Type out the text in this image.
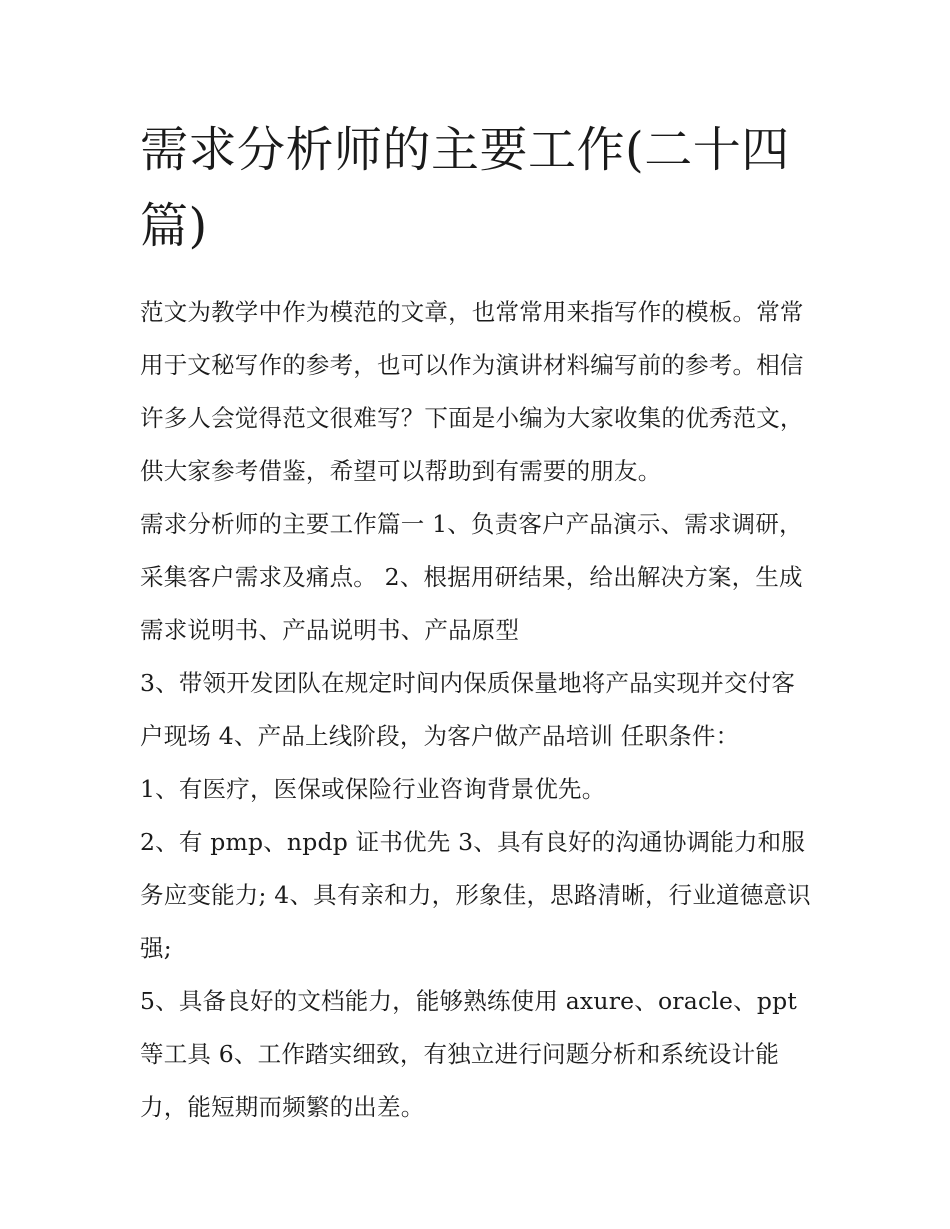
需求分析师的主要工作(二十四篇)

范文为教学中作为模范的文章，也常常用来指写作的模板。常常用于文秘写作的参考，也可以作为演讲材料编写前的参考。相信许多人会觉得范文很难写？下面是小编为大家收集的优秀范文，供大家参考借鉴，希望可以帮助到有需要的朋友。

需求分析师的主要工作篇一 1、负责客户产品演示、需求调研，采集客户需求及痛点。 2、根据用研结果，给出解决方案，生成需求说明书、产品说明书、产品原型

3、带领开发团队在规定时间内保质保量地将产品实现并交付客户现场 4、产品上线阶段，为客户做产品培训 任职条件：

1、有医疗，医保或保险行业咨询背景优先。

2、有 pmp、npdp 证书优先 3、具有良好的沟通协调能力和服务应变能力; 4、具有亲和力，形象佳，思路清晰，行业道德意识强;

5、具备良好的文档能力，能够熟练使用 axure、oracle、ppt 等工具 6、工作踏实细致，有独立进行问题分析和系统设计能力，能短期而频繁的出差。
